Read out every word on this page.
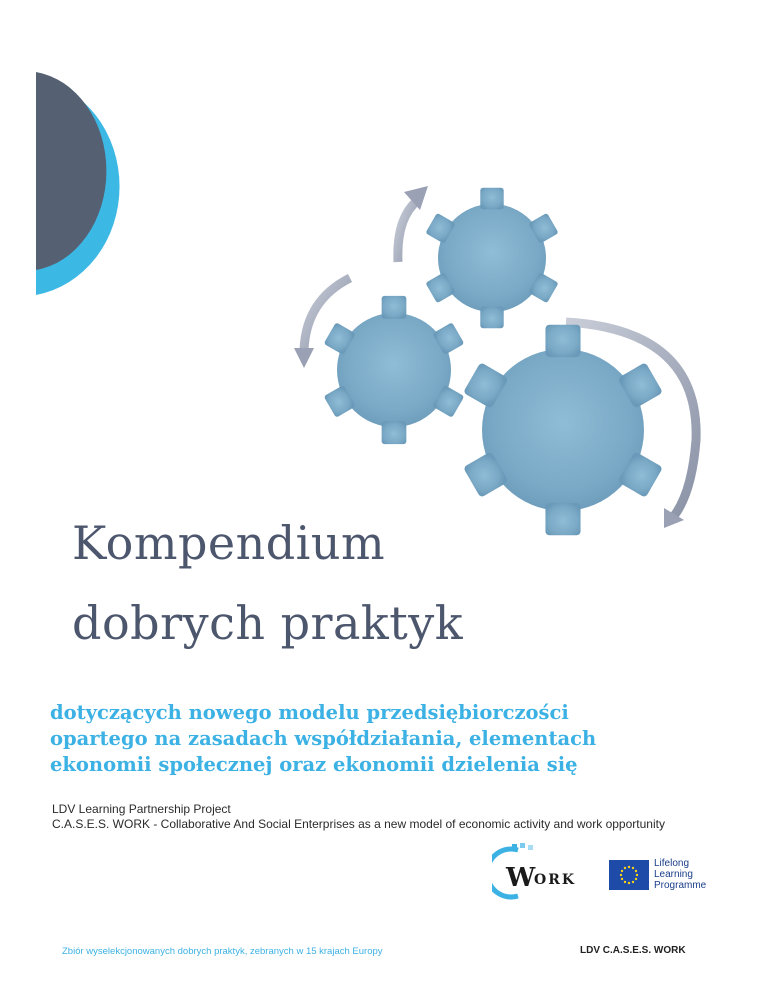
Kompendium
dobrych praktyk
dotyczących nowego modelu przedsiębiorczości
opartego na zasadach współdziałania, elementach
ekonomii społecznej oraz ekonomii dzielenia się
LDV Learning Partnership Project
C.A.S.E.S. WORK - Collaborative And Social Enterprises as a new model of economic activity and work opportunity
W
ORK
Lifelong
Learning
Programme
Zbiór wyselekcjonowanych dobrych praktyk, zebranych w 15 krajach Europy	LDV C.A.S.E.S. WORK
